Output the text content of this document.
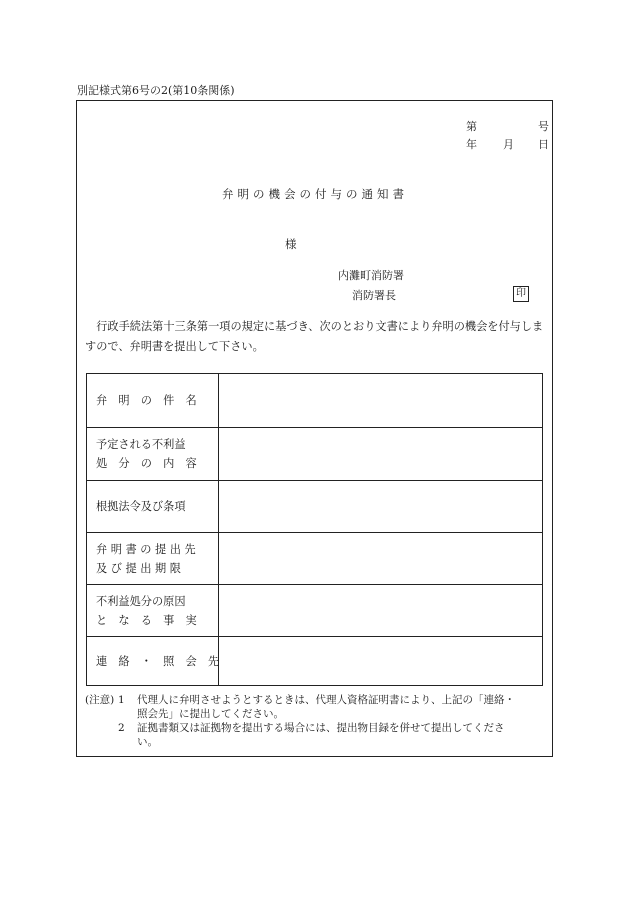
別記様式第6号の2(第10条関係)
第	号
年 月 日
弁明の機会の付与の通知書
様
内灘町消防署
消防署長	印
行政手続法第十三条第一項の規定に基づき、次のとおり文書により弁明の機会を付与しますので、弁明書を提出して下さい。
弁　明　の　件　名
予定される不利益
処　分　の　内　容
根拠法令及び条項
弁 明 書 の 提 出 先
及 び 提 出 期 限
不利益処分の原因
と　な　る　事　実
連　絡　・　照　会　先
(注意) 1 代理人に弁明させようとするときは、代理人資格証明書により、上記の「連絡・
照会先」に提出してください。
2 証拠書類又は証拠物を提出する場合には、提出物目録を併せて提出してくださ
い。
